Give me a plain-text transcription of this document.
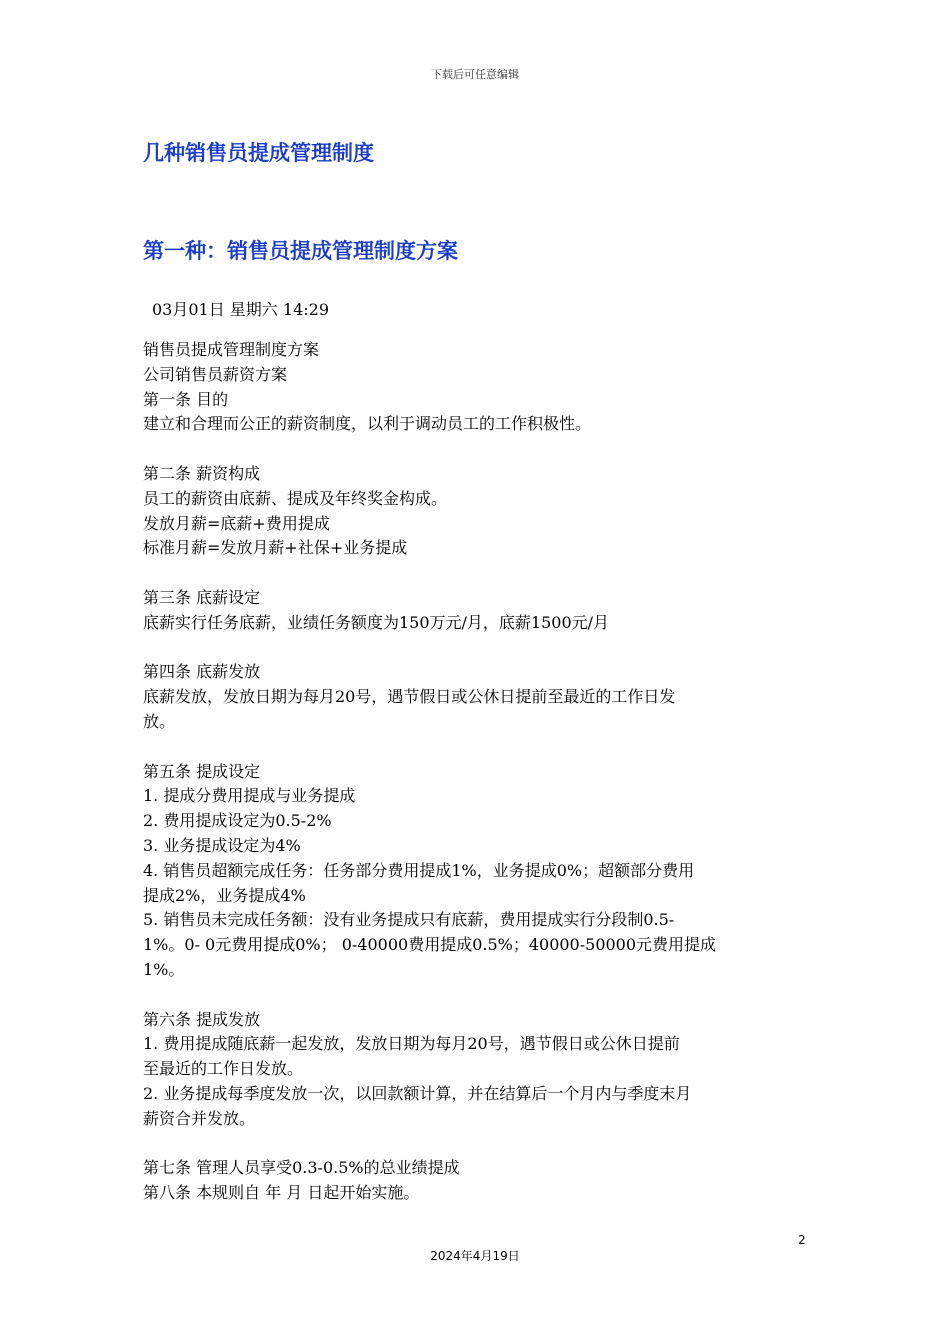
下载后可任意编辑
几种销售员提成管理制度
第一种：销售员提成管理制度方案
03月01日 星期六 14:29
销售员提成管理制度方案
公司销售员薪资方案
第一条 目的
建立和合理而公正的薪资制度，以利于调动员工的工作积极性。
第二条 薪资构成
员工的薪资由底薪、提成及年终奖金构成。
发放月薪=底薪+费用提成
标准月薪=发放月薪+社保+业务提成
第三条 底薪设定
底薪实行任务底薪，业绩任务额度为150万元/月，底薪1500元/月
第四条 底薪发放
底薪发放，发放日期为每月20号，遇节假日或公休日提前至最近的工作日发
放。
第五条 提成设定
1. 提成分费用提成与业务提成
2. 费用提成设定为0.5-2%
3. 业务提成设定为4%
4. 销售员超额完成任务：任务部分费用提成1%，业务提成0%；超额部分费用
提成2%，业务提成4%
5. 销售员未完成任务额：没有业务提成只有底薪，费用提成实行分段制0.5-
1%。0- 0元费用提成0%； 0-40000费用提成0.5%；40000-50000元费用提成
1%。
第六条 提成发放
1. 费用提成随底薪一起发放，发放日期为每月20号，遇节假日或公休日提前
至最近的工作日发放。
2. 业务提成每季度发放一次，以回款额计算，并在结算后一个月内与季度末月
薪资合并发放。
第七条 管理人员享受0.3-0.5%的总业绩提成
第八条 本规则自 年 月 日起开始实施。
2
2024年4月19日
